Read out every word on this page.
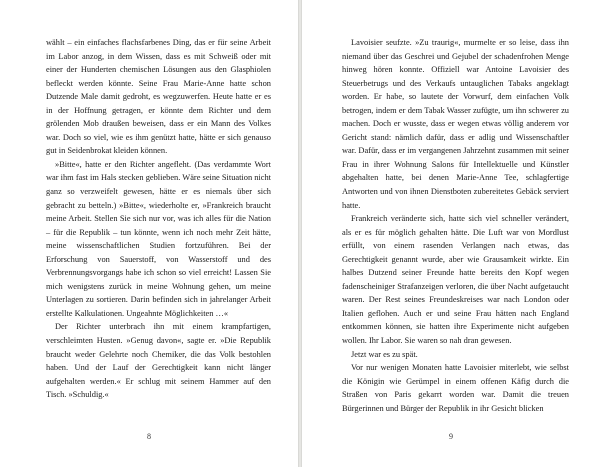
wählt – ein einfaches flachsfarbenes Ding, das er für seine Arbeit im Labor anzog, in dem Wissen, dass es mit Schweiß oder mit einer der Hunderten chemischen Lösungen aus den Glasphiolen befleckt werden könnte. Seine Frau Marie-Anne hatte schon Dutzende Male damit gedroht, es wegzuwerfen. Heute hatte er es in der Hoffnung getragen, er könnte dem Richter und dem grölenden Mob draußen beweisen, dass er ein Mann des Volkes war. Doch so viel, wie es ihm genützt hatte, hätte er sich genauso gut in Seidenbrokat kleiden können.

»Bitte«, hatte er den Richter angefleht. (Das verdammte Wort war ihm fast im Hals stecken geblieben. Wäre seine Situation nicht ganz so verzweifelt gewesen, hätte er es niemals über sich gebracht zu betteln.) »Bitte«, wiederholte er, »Frankreich braucht meine Arbeit. Stellen Sie sich nur vor, was ich alles für die Nation – für die Republik – tun könnte, wenn ich noch mehr Zeit hätte, meine wissenschaftlichen Studien fortzuführen. Bei der Erforschung von Sauerstoff, von Wasserstoff und des Verbrennungsvorgangs habe ich schon so viel erreicht! Lassen Sie mich wenigstens zurück in meine Wohnung gehen, um meine Unterlagen zu sortieren. Darin befinden sich in jahrelanger Arbeit erstellte Kalkulationen. Ungeahnte Möglichkeiten …«

Der Richter unterbrach ihn mit einem krampfartigen, verschleimten Husten. »Genug davon«, sagte er. »Die Republik braucht weder Gelehrte noch Chemiker, die das Volk bestohlen haben. Und der Lauf der Gerechtigkeit kann nicht länger aufgehalten werden.« Er schlug mit seinem Hammer auf den Tisch. »Schuldig.«

8

Lavoisier seufzte. »Zu traurig«, murmelte er so leise, dass ihn niemand über das Geschrei und Gejubel der schadenfrohen Menge hinweg hören konnte. Offiziell war Antoine Lavoisier des Steuerbetrugs und des Verkaufs untauglichen Tabaks angeklagt worden. Er habe, so lautete der Vorwurf, dem einfachen Volk betrogen, indem er dem Tabak Wasser zufügte, um ihn schwerer zu machen. Doch er wusste, dass er wegen etwas völlig anderem vor Gericht stand: nämlich dafür, dass er adlig und Wissenschaftler war. Dafür, dass er im vergangenen Jahrzehnt zusammen mit seiner Frau in ihrer Wohnung Salons für Intellektuelle und Künstler abgehalten hatte, bei denen Marie-Anne Tee, schlagfertige Antworten und von ihnen Dienstboten zubereitetes Gebäck serviert hatte.

Frankreich veränderte sich, hatte sich viel schneller verändert, als er es für möglich gehalten hätte. Die Luft war von Mordlust erfüllt, von einem rasenden Verlangen nach etwas, das Gerechtigkeit genannt wurde, aber wie Grausamkeit wirkte. Ein halbes Dutzend seiner Freunde hatte bereits den Kopf wegen fadenscheiniger Strafanzeigen verloren, die über Nacht aufgetaucht waren. Der Rest seines Freundeskreises war nach London oder Italien geflohen. Auch er und seine Frau hätten nach England entkommen können, sie hatten ihre Experimente nicht aufgeben wollen. Ihr Labor. Sie waren so nah dran gewesen.

Jetzt war es zu spät.

Vor nur wenigen Monaten hatte Lavoisier miterlebt, wie selbst die Königin wie Gerümpel in einem offenen Käfig durch die Straßen von Paris gekarrt worden war. Damit die treuen Bürgerinnen und Bürger der Republik in ihr Gesicht blicken

9
